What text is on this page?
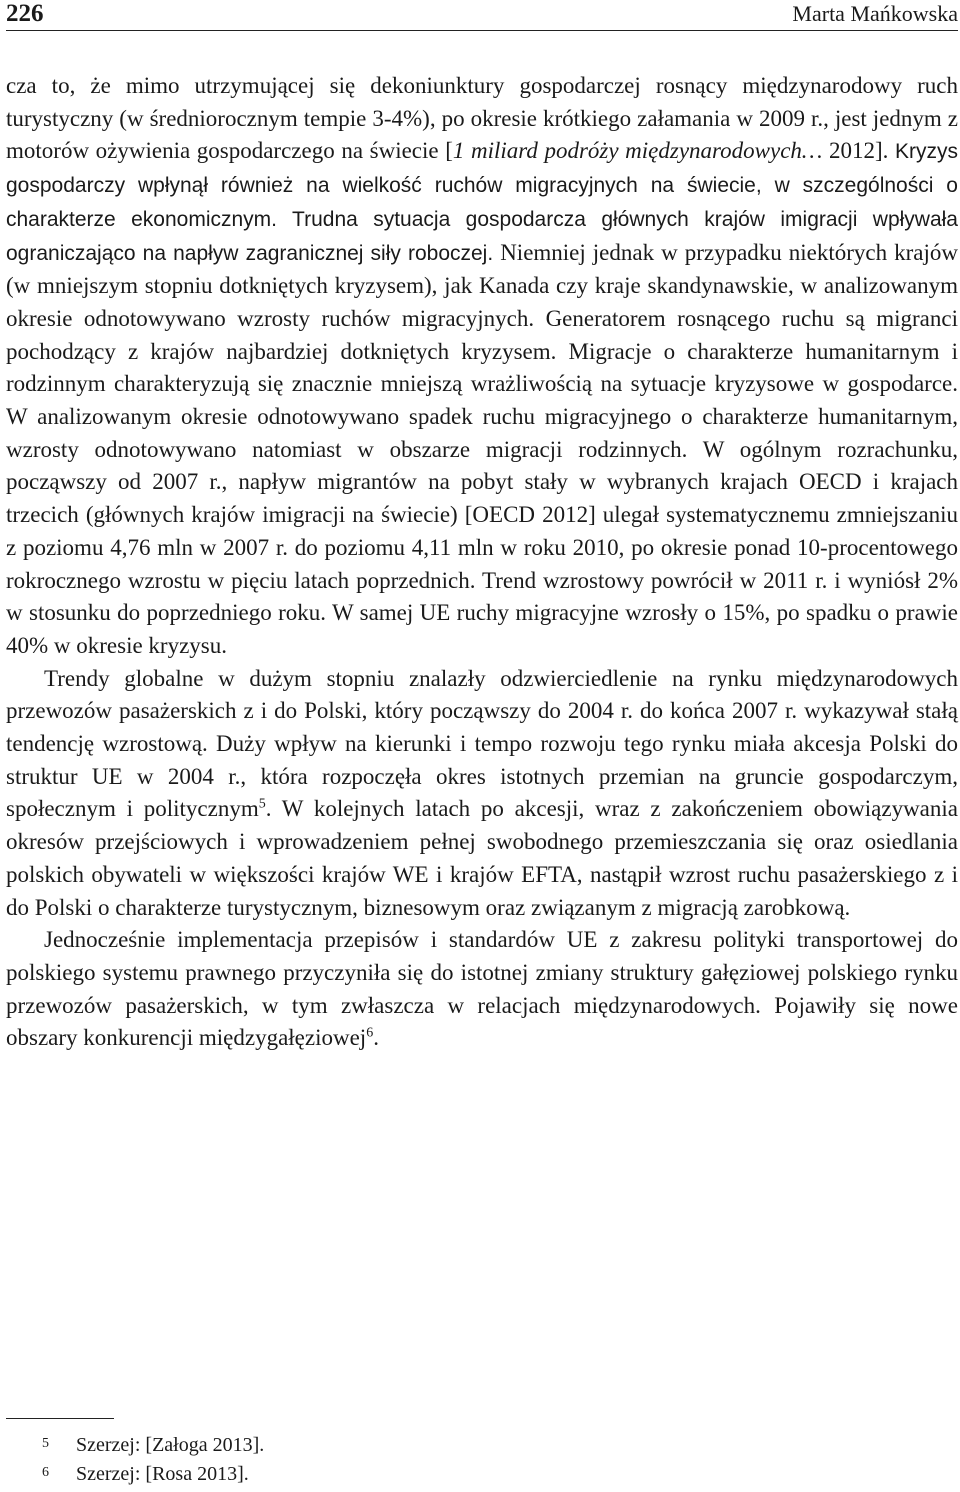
226	Marta Mańkowska

cza to, że mimo utrzymującej się dekoniunktury gospodarczej rosnący międzynarodowy ruch turystyczny (w średniorocznym tempie 3-4%), po okresie krótkiego załamania w 2009 r., jest jednym z motorów ożywienia gospodarczego na świecie [1 miliard podróży międzynarodowych… 2012]. Kryzys gospodarczy wpłynął również na wielkość ruchów migracyjnych na świecie, w szczególności o charakterze ekonomicznym. Trudna sytuacja gospodarcza głównych krajów imigracji wpływała ograniczająco na napływ zagranicznej siły roboczej. Niemniej jednak w przypadku niektórych krajów (w mniejszym stopniu dotkniętych kryzysem), jak Kanada czy kraje skandynawskie, w analizowanym okresie odnotowywano wzrosty ruchów migracyjnych. Generatorem rosnącego ruchu są migranci pochodzący z krajów najbardziej dotkniętych kryzysem. Migracje o charakterze humanitarnym i rodzinnym charakteryzują się znacznie mniejszą wrażliwością na sytuacje kryzysowe w gospodarce. W analizowanym okresie odnotowywano spadek ruchu migracyjnego o charakterze humanitarnym, wzrosty odnotowywano natomiast w obszarze migracji rodzinnych. W ogólnym rozrachunku, począwszy od 2007 r., napływ migrantów na pobyt stały w wybranych krajach OECD i krajach trzecich (głównych krajów imigracji na świecie) [OECD 2012] ulegał systematycznemu zmniejszaniu z poziomu 4,76 mln w 2007 r. do poziomu 4,11 mln w roku 2010, po okresie ponad 10-procentowego rokrocznego wzrostu w pięciu latach poprzednich. Trend wzrostowy powrócił w 2011 r. i wyniósł 2% w stosunku do poprzedniego roku. W samej UE ruchy migracyjne wzrosły o 15%, po spadku o prawie 40% w okresie kryzysu.

Trendy globalne w dużym stopniu znalazły odzwierciedlenie na rynku międzynarodowych przewozów pasażerskich z i do Polski, który począwszy do 2004 r. do końca 2007 r. wykazywał stałą tendencję wzrostową. Duży wpływ na kierunki i tempo rozwoju tego rynku miała akcesja Polski do struktur UE w 2004 r., która rozpoczęła okres istotnych przemian na gruncie gospodarczym, społecznym i politycznym$^5$. W kolejnych latach po akcesji, wraz z zakończeniem obowiązywania okresów przejściowych i wprowadzeniem pełnej swobodnego przemieszczania się oraz osiedlania polskich obywateli w większości krajów WE i krajów EFTA, nastąpił wzrost ruchu pasażerskiego z i do Polski o charakterze turystycznym, biznesowym oraz związanym z migracją zarobkową.

Jednocześnie implementacja przepisów i standardów UE z zakresu polityki transportowej do polskiego systemu prawnego przyczyniła się do istotnej zmiany struktury gałęziowej polskiego rynku przewozów pasażerskich, w tym zwłaszcza w relacjach międzynarodowych. Pojawiły się nowe obszary konkurencji międzygałęziowej$^6$.

5 Szerzej: [Załoga 2013].

6 Szerzej: [Rosa 2013].
